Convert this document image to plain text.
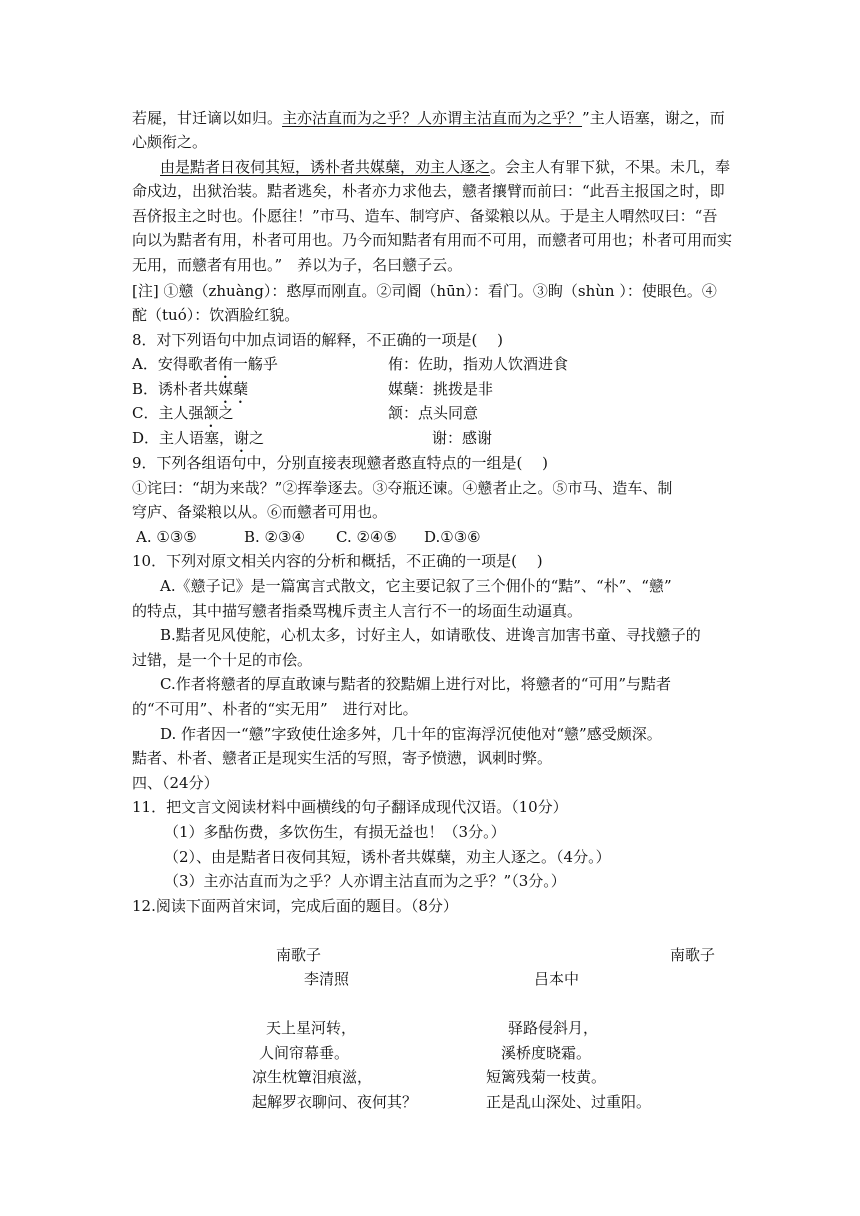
若屣，甘迁谪以如归。主亦沽直而为之乎？人亦谓主沽直而为之乎？”主人语塞，谢之，而
心颇衔之。
由是黠者日夜伺其短，诱朴者共媒蘖，劝主人逐之。会主人有罪下狱，不果。未几，奉
命戍边，出狱治装。黠者逃矣，朴者亦力求他去，戆者攘臂而前曰：“此吾主报国之时，即
吾侪报主之时也。仆愿往！”市马、造车、制穹庐、备粱粮以从。于是主人喟然叹曰：“吾
向以为黠者有用，朴者可用也。乃今而知黠者有用而不可用，而戆者可用也；朴者可用而实
无用，而戆者有用也。”　养以为子，名曰戆子云。
[注] ①戆（zhuàng）：憨厚而刚直。②司阍（hūn）：看门。③眴（shùn ）：使眼色。④
酡（tuó）：饮酒脸红貌。
8．对下列语句中加点词语的解释，不正确的一项是(　 )
A．安得歌者侑一觞乎	侑：佐助，指劝人饮酒进食
B．诱朴者共媒蘖	媒蘖：挑拨是非
C．主人强颔之	颔：点头同意
D．主人语塞，谢之	谢：感谢
9．下列各组语句中，分别直接表现戆者憨直特点的一组是(　 )
①诧曰：“胡为来哉？”②挥拳逐去。③夺瓶还谏。④戆者止之。⑤市马、造车、制
穹庐、备粱粮以从。⑥而戆者可用也。
A. ①③⑤	B. ②③④ C. ②④⑤ D.①③⑥
10．下列对原文相关内容的分析和概括，不正确的一项是(　 )
A.《戆子记》是一篇寓言式散文，它主要记叙了三个佣仆的“黠”、“朴”、“戆”
的特点，其中描写戆者指桑骂槐斥责主人言行不一的场面生动逼真。
B.黠者见风使舵，心机太多，讨好主人，如请歌伎、进谗言加害书童、寻找戆子的
过错，是一个十足的市侩。
C.作者将戆者的厚直敢谏与黠者的狡黠媚上进行对比，将戆者的“可用”与黠者
的“不可用”、朴者的“实无用”　进行对比。
D. 作者因一“戆”字致使仕途多舛，几十年的宦海浮沉使他对“戆”感受颇深。
黠者、朴者、戆者正是现实生活的写照，寄予愤懑，讽刺时弊。
四、（24分）
11．把文言文阅读材料中画横线的句子翻译成现代汉语。（10分）
（1）多酤伤费，多饮伤生，有损无益也！（3分。）
（2）、由是黠者日夜伺其短，诱朴者共媒蘖，劝主人逐之。（4分。）
（3）主亦沽直而为之乎？人亦谓主沽直而为之乎？”（3分。）
12.阅读下面两首宋词，完成后面的题目。（8分）
南歌子	南歌子
李清照	吕本中
天上星河转，	驿路侵斜月，
人间帘幕垂。	溪桥度晓霜。
凉生枕簟泪痕滋，	短篱残菊一枝黄。
起解罗衣聊问、夜何其？	正是乱山深处、过重阳。
